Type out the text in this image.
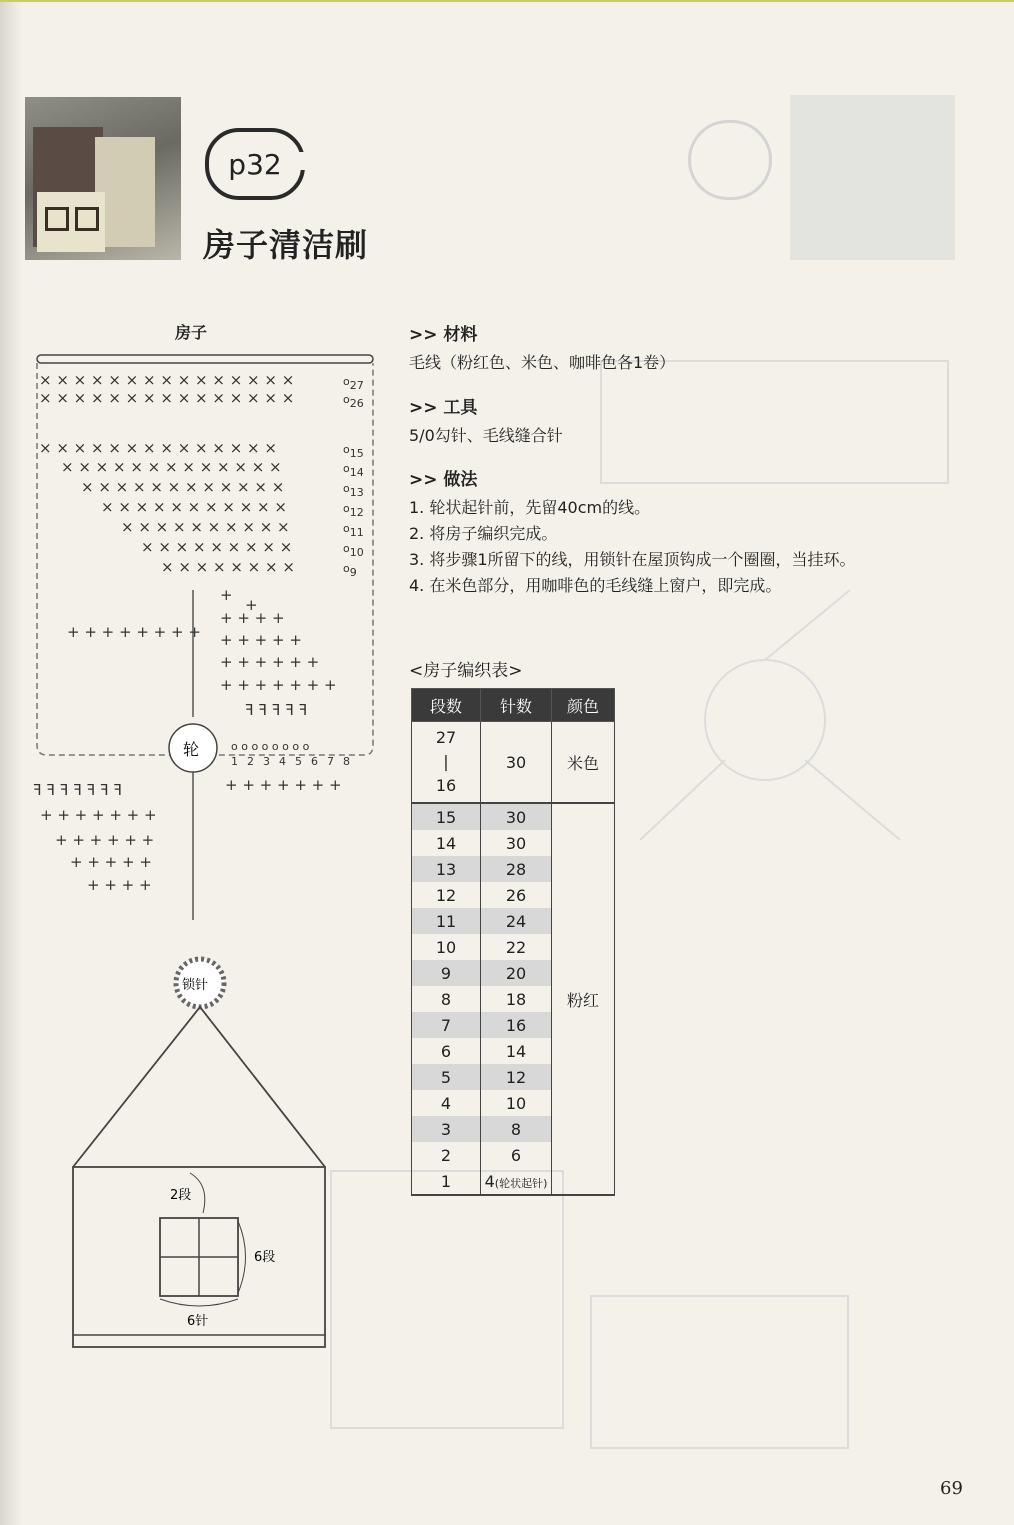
p32
房子清洁刷
房子
× × × × × × × × × × × × × × ×
× × × × × × × × × × × × × × ×
× × × × × × × × × × × × × ×
× × × × × × × × × × × × ×
× × × × × × × × × × × ×
× × × × × × × × × × ×
× × × × × × × × × ×
× × × × × × × × ×
× × × × × × × ×
o27
o26
o15
o14
o13
o12
o11
o10
o9
轮
+ + + + + + + +
+
+
+ + + +
+ + + + +
+ + + + + +
+ + + + + + +
ꟻ ꟻ ꟻ ꟻ ꟻ
ꟻ ꟻ ꟻ ꟻ ꟻ ꟻ ꟻ
+ + + + + + +
+ + + + + +
+ + + + +
+ + + +
+ + + + + + +
o o o o o o o o
1 2 3 4 5 6 7 8
锁针
2段
6段
6针
>> 材料
毛线（粉红色、米色、咖啡色各1卷）
>> 工具
5/0勾针、毛线缝合针
>> 做法
1. 轮状起针前，先留40cm的线。
2. 将房子编织完成。
3. 将步骤1所留下的线，用锁针在屋顶钩成一个圈圈，当挂环。
4. 在米色部分，用咖啡色的毛线缝上窗户，即完成。
<房子编织表>
段数	针数	颜色
27
|
16	30	米色
15	30	粉红
14	30	
13	28	
12	26	
11	24	
10	22	
9	20	
8	18	
7	16	
6	14	
5	12	
4	10	
3	8	
2	6	
1	4(轮状起针)	
69
